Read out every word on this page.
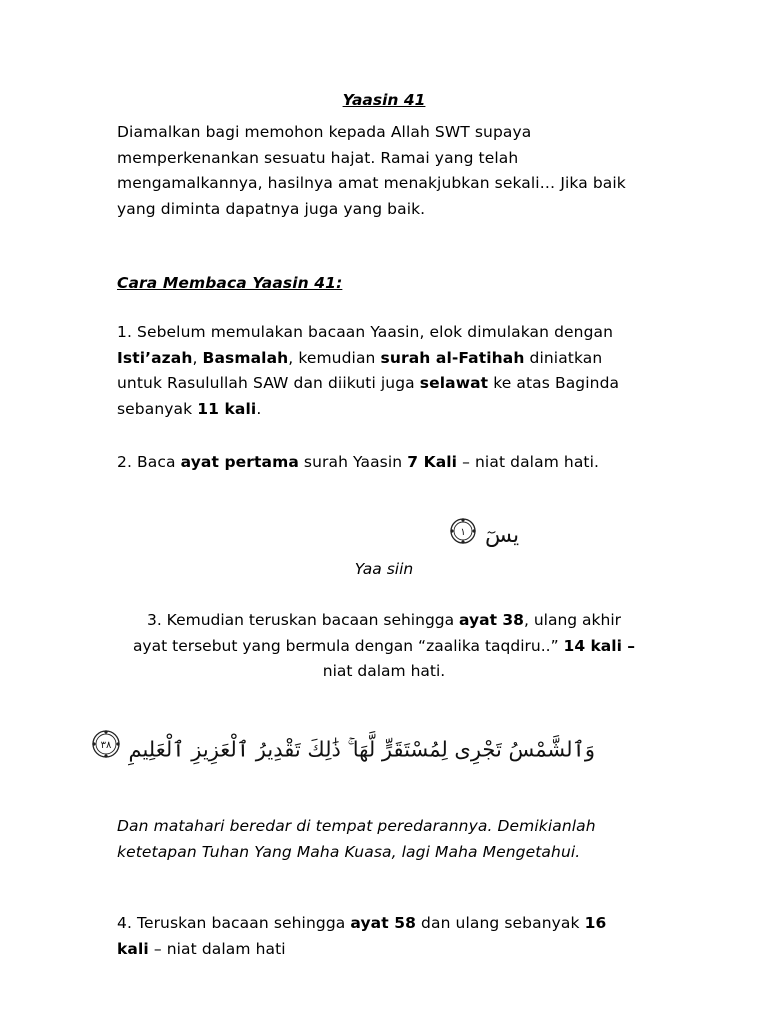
Yaasin 41
Diamalkan bagi memohon kepada Allah SWT supaya
memperkenankan sesuatu hajat. Ramai yang telah
mengamalkannya, hasilnya amat menakjubkan sekali… Jika baik
yang diminta dapatnya juga yang baik.
Cara Membaca Yaasin 41:
1. Sebelum memulakan bacaan Yaasin, elok dimulakan dengan
Isti’azah, Basmalah, kemudian surah al-Fatihah diniatkan
untuk Rasulullah SAW dan diikuti juga selawat ke atas Baginda
sebanyak 11 kali.
2. Baca ayat pertama surah Yaasin 7 Kali – niat dalam hati.
يسٓ
١
Yaa siin
3. Kemudian teruskan bacaan sehingga ayat 38, ulang akhir
ayat tersebut yang bermula dengan “zaalika taqdiru..” 14 kali –
niat dalam hati.
وَٱلشَّمْسُ تَجْرِى لِمُسْتَقَرٍّ لَّهَا ۚ ذَٰلِكَ تَقْدِيرُ ٱلْعَزِيزِ ٱلْعَلِيمِ
٣٨
Dan matahari beredar di tempat peredarannya. Demikianlah
ketetapan Tuhan Yang Maha Kuasa, lagi Maha Mengetahui.
4. Teruskan bacaan sehingga ayat 58 dan ulang sebanyak 16
kali – niat dalam hati
